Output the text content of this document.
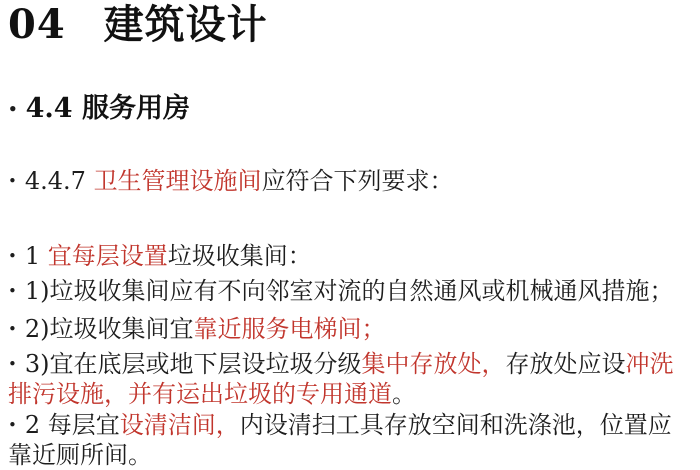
04 建筑设计
• 4.4 服务用房
• 4.4.7 卫生管理设施间应符合下列要求：
• 1 宜每层设置垃圾收集间：
• 1)垃圾收集间应有不向邻室对流的自然通风或机械通风措施；
• 2)垃圾收集间宜靠近服务电梯间；
• 3)宜在底层或地下层设垃圾分级集中存放处，存放处应设冲洗排污设施，并有运出垃圾的专用通道。
• 2 每层宜设清洁间，内设清扫工具存放空间和洗涤池，位置应靠近厕所间。
